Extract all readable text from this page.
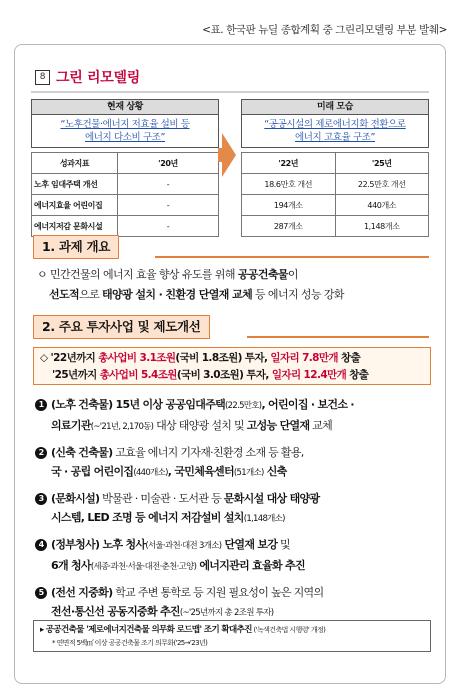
<표. 한국판 뉴딜 종합계획 중 그린리모델링 부분 발췌>
8 그린 리모델링
현재 상황
“노후건물·에너지 저효율 설비 등
에너지 다소비 구조”
성과지표	'20년
노후 임대주택 개선	-
에너지효율 어린이집	-
에너지저감 문화시설	-
미래 모습
“공공시설의 제로에너지화 전환으로
에너지 고효율 구조”
'22년	'25년
18.6만호 개선	22.5만호 개선
194개소	440개소
287개소	1,148개소
1. 과제 개요
ㅇ 민간건물의 에너지 효율 향상 유도를 위해 공공건축물이
선도적으로 태양광 설치 · 친환경 단열재 교체 등 에너지 성능 강화
2. 주요 투자사업 및 제도개선
◇ '22년까지 총사업비 3.1조원(국비 1.8조원) 투자, 일자리 7.8만개 창출
'25년까지 총사업비 5.4조원(국비 3.0조원) 투자, 일자리 12.4만개 창출
1 (노후 건축물) 15년 이상 공공임대주택(22.5만호), 어린이집 · 보건소 ·
의료기관(~'21년, 2,170동) 대상 태양광 설치 및 고성능 단열재 교체
2 (신축 건축물) 고효율 에너지 기자재·친환경 소재 등 활용,
국 · 공립 어린이집(440개소), 국민체육센터(51개소) 신축
3 (문화시설) 박물관 · 미술관 · 도서관 등 문화시설 대상 태양광
시스템, LED 조명 등 에너지 저감설비 설치(1,148개소)
4 (정부청사) 노후 청사(서울·과천·대전 3개소) 단열재 보강 및
6개 청사(세종·과천·서울·대전·춘천·고양) 에너지관리 효율화 추진
5 (전선 지중화) 학교 주변 통학로 등 지원 필요성이 높은 지역의
전선·통신선 공동지중화 추진(~'25년까지 총 2조원 투자)
▸ 공공건축물 '제로에너지건축물 의무화 로드맵' 조기 확대추진 ('녹색건축법 시행령' 개정)
* 연면적 5백㎡ 이상 공공건축물 조기 의무화('25→'23년)
